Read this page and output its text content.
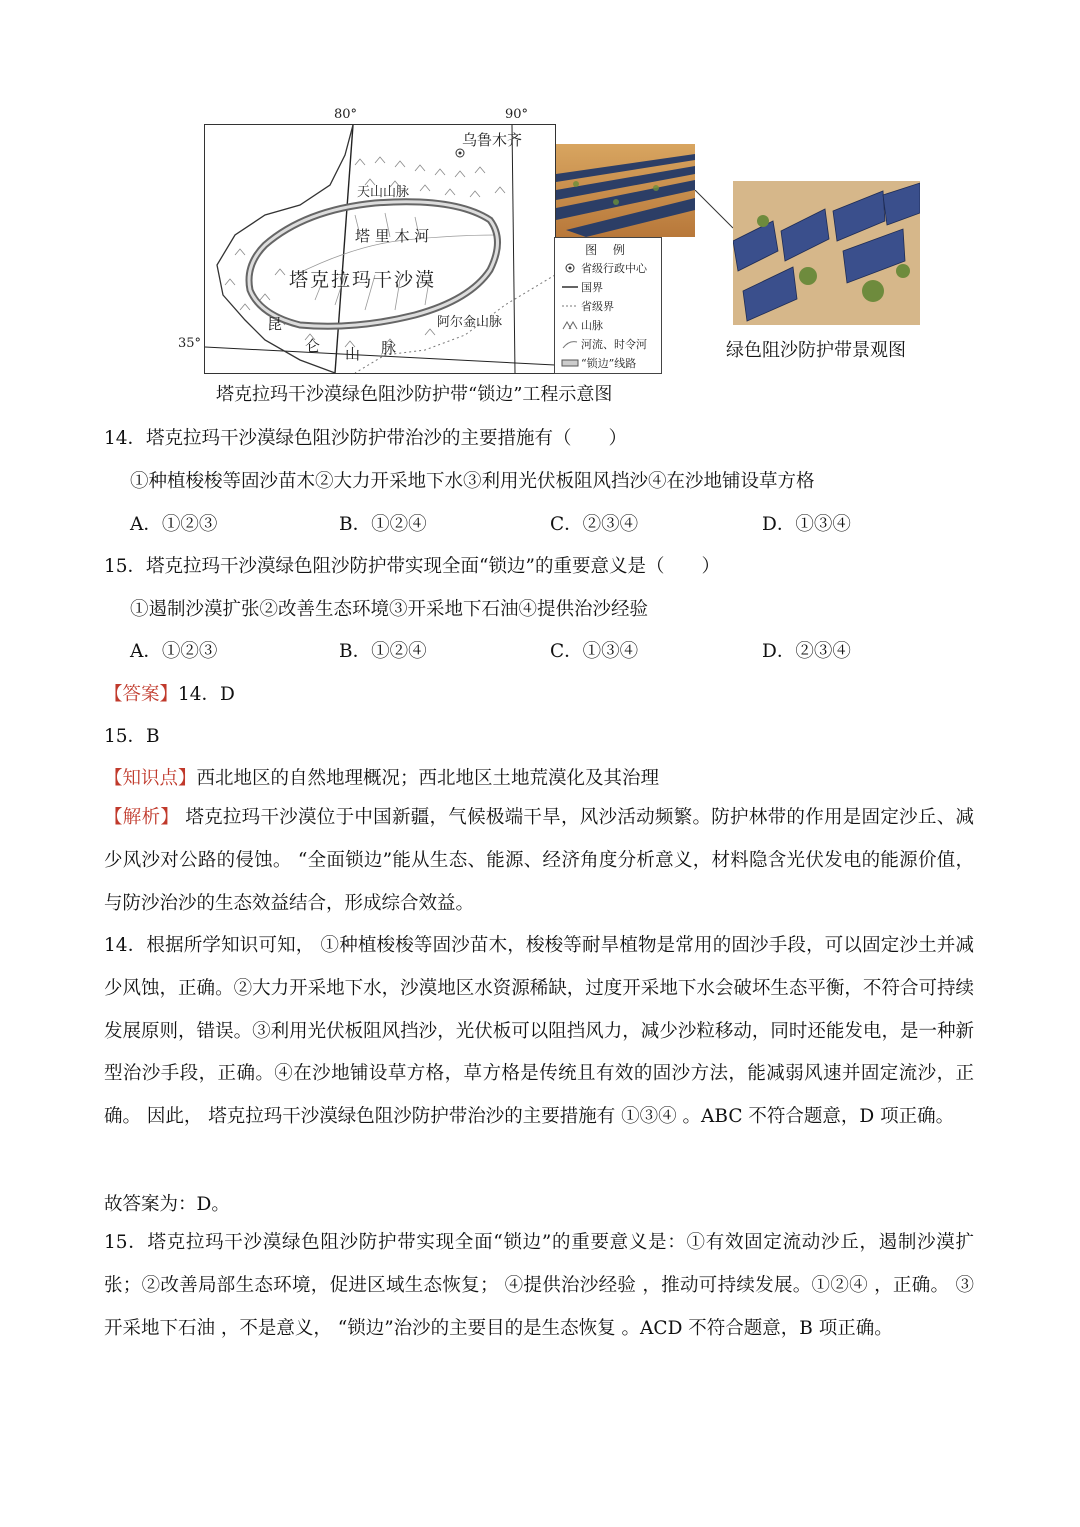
80°	90°
35°
乌鲁木齐
天山山脉
塔 里 木 河
塔克拉玛干沙漠
阿尔金山脉
昆
仑 山 脉
图 例
省级行政中心
国界
省级界
山脉
河流、时令河
“锁边”线路
绿色阻沙防护带景观图
塔克拉玛干沙漠绿色阻沙防护带“锁边”工程示意图
14．塔克拉玛干沙漠绿色阻沙防护带治沙的主要措施有（　　）
①种植梭梭等固沙苗木②大力开采地下水③利用光伏板阻风挡沙④在沙地铺设草方格
A．①②③	B．①②④	C．②③④	D．①③④
15．塔克拉玛干沙漠绿色阻沙防护带实现全面“锁边”的重要意义是（　　）
①遏制沙漠扩张②改善生态环境③开采地下石油④提供治沙经验
A．①②③	B．①②④	C．①③④	D．②③④
【答案】14．D
15．B
【知识点】西北地区的自然地理概况；西北地区土地荒漠化及其治理
【解析】 塔克拉玛干沙漠位于中国新疆，气候极端干旱，风沙活动频繁。防护林带的作用是固定沙丘、减少风沙对公路的侵蚀。 “全面锁边”能从生态、能源、经济角度分析意义，材料隐含光伏发电的能源价值，与防沙治沙的生态效益结合，形成综合效益。
14．根据所学知识可知， ①种植梭梭等固沙苗木，梭梭等耐旱植物是常用的固沙手段，可以固定沙土并减少风蚀，正确。②大力开采地下水，沙漠地区水资源稀缺，过度开采地下水会破坏生态平衡，不符合可持续发展原则，错误。③利用光伏板阻风挡沙，光伏板可以阻挡风力，减少沙粒移动，同时还能发电，是一种新型治沙手段，正确。④在沙地铺设草方格，草方格是传统且有效的固沙方法，能减弱风速并固定流沙，正确。 因此， 塔克拉玛干沙漠绿色阻沙防护带治沙的主要措施有 ①③④ 。ABC 不符合题意，D 项正确。
故答案为：D。
15．塔克拉玛干沙漠绿色阻沙防护带实现全面“锁边”的重要意义是：①有效固定流动沙丘，遏制沙漠扩张；②改善局部生态环境，促进区域生态恢复； ④提供治沙经验 ，推动可持续发展。①②④ ，正确。 ③ 开采地下石油 ，不是意义， “锁边”治沙的主要目的是生态恢复 。ACD 不符合题意，B 项正确。
